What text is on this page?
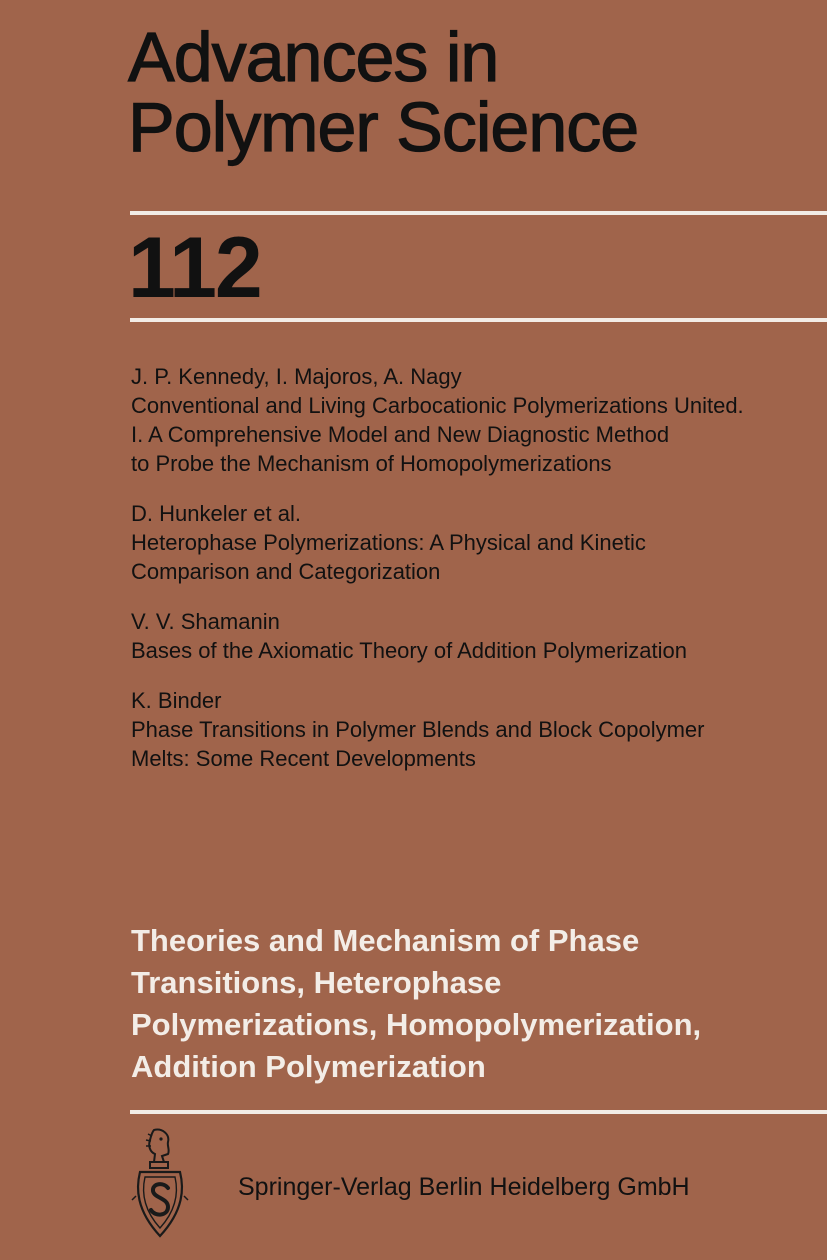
Advances in
Polymer Science
112
J. P. Kennedy, I. Majoros, A. Nagy
Conventional and Living Carbocationic Polymerizations United.
I. A Comprehensive Model and New Diagnostic Method
to Probe the Mechanism of Homopolymerizations
D. Hunkeler et al.
Heterophase Polymerizations: A Physical and Kinetic
Comparison and Categorization
V. V. Shamanin
Bases of the Axiomatic Theory of Addition Polymerization
K. Binder
Phase Transitions in Polymer Blends and Block Copolymer
Melts: Some Recent Developments
Theories and Mechanism of Phase
Transitions, Heterophase
Polymerizations, Homopolymerization,
Addition Polymerization
Springer-Verlag Berlin Heidelberg GmbH
